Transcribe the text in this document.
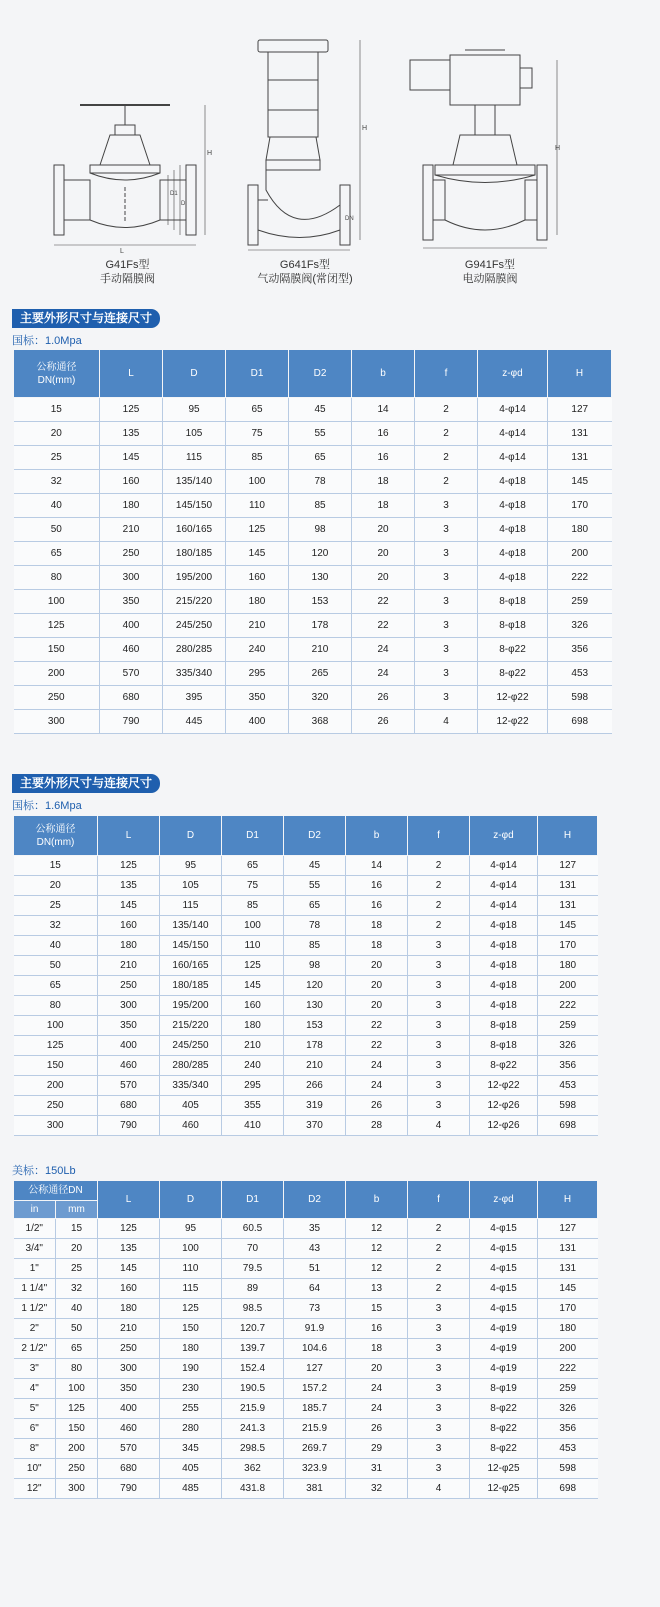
L
H
D
D1
G41Fs型
手动隔膜阀
H
DN
G641Fs型
气动隔膜阀(常闭型)
H
G941Fs型
电动隔膜阀
主要外形尺寸与连接尺寸
国标：1.0Mpa
公称通径
DN(mm)	L	D	D1	D2	b	f	z-φd	H
15	125	95	65	45	14	2	4-φ14	127
20	135	105	75	55	16	2	4-φ14	131
25	145	115	85	65	16	2	4-φ14	131
32	160	135/140	100	78	18	2	4-φ18	145
40	180	145/150	110	85	18	3	4-φ18	170
50	210	160/165	125	98	20	3	4-φ18	180
65	250	180/185	145	120	20	3	4-φ18	200
80	300	195/200	160	130	20	3	4-φ18	222
100	350	215/220	180	153	22	3	8-φ18	259
125	400	245/250	210	178	22	3	8-φ18	326
150	460	280/285	240	210	24	3	8-φ22	356
200	570	335/340	295	265	24	3	8-φ22	453
250	680	395	350	320	26	3	12-φ22	598
300	790	445	400	368	26	4	12-φ22	698
主要外形尺寸与连接尺寸
国标：1.6Mpa
公称通径
DN(mm)	L	D	D1	D2	b	f	z-φd	H
15	125	95	65	45	14	2	4-φ14	127
20	135	105	75	55	16	2	4-φ14	131
25	145	115	85	65	16	2	4-φ14	131
32	160	135/140	100	78	18	2	4-φ18	145
40	180	145/150	110	85	18	3	4-φ18	170
50	210	160/165	125	98	20	3	4-φ18	180
65	250	180/185	145	120	20	3	4-φ18	200
80	300	195/200	160	130	20	3	4-φ18	222
100	350	215/220	180	153	22	3	8-φ18	259
125	400	245/250	210	178	22	3	8-φ18	326
150	460	280/285	240	210	24	3	8-φ22	356
200	570	335/340	295	266	24	3	12-φ22	453
250	680	405	355	319	26	3	12-φ26	598
300	790	460	410	370	28	4	12-φ26	698
美标：150Lb
公称通径DN		L	D	D1	D2	b	f	z-φd	H
in	mm								
1/2"	15	125	95	60.5	35	12	2	4-φ15	127
3/4"	20	135	100	70	43	12	2	4-φ15	131
1"	25	145	110	79.5	51	12	2	4-φ15	131
1 1/4"	32	160	115	89	64	13	2	4-φ15	145
1 1/2"	40	180	125	98.5	73	15	3	4-φ15	170
2"	50	210	150	120.7	91.9	16	3	4-φ19	180
2 1/2"	65	250	180	139.7	104.6	18	3	4-φ19	200
3"	80	300	190	152.4	127	20	3	4-φ19	222
4"	100	350	230	190.5	157.2	24	3	8-φ19	259
5"	125	400	255	215.9	185.7	24	3	8-φ22	326
6"	150	460	280	241.3	215.9	26	3	8-φ22	356
8"	200	570	345	298.5	269.7	29	3	8-φ22	453
10"	250	680	405	362	323.9	31	3	12-φ25	598
12"	300	790	485	431.8	381	32	4	12-φ25	698
